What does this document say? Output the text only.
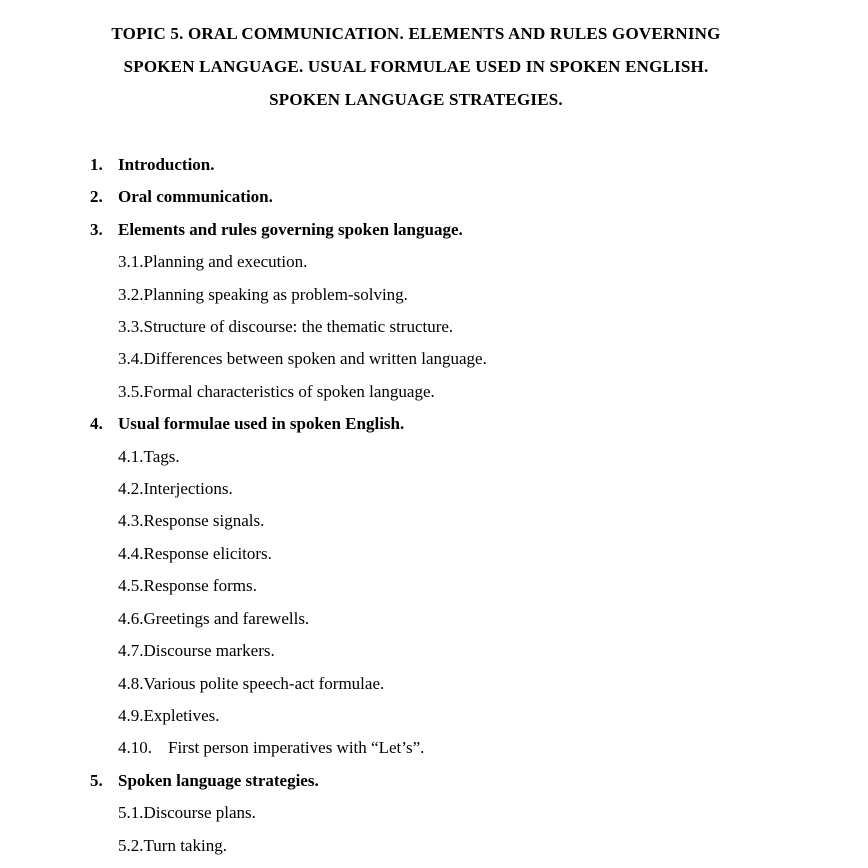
TOPIC 5. ORAL COMMUNICATION. ELEMENTS AND RULES GOVERNING
SPOKEN LANGUAGE. USUAL FORMULAE USED IN SPOKEN ENGLISH.
SPOKEN LANGUAGE STRATEGIES.
1. Introduction.
2. Oral communication.
3. Elements and rules governing spoken language.
3.1.Planning and execution.
3.2.Planning speaking as problem-solving.
3.3.Structure of discourse: the thematic structure.
3.4.Differences between spoken and written language.
3.5.Formal characteristics of spoken language.
4. Usual formulae used in spoken English.
4.1.Tags.
4.2.Interjections.
4.3.Response signals.
4.4.Response elicitors.
4.5.Response forms.
4.6.Greetings and farewells.
4.7.Discourse markers.
4.8.Various polite speech-act formulae.
4.9.Expletives.
4.10. First person imperatives with “Let’s”.
5. Spoken language strategies.
5.1.Discourse plans.
5.2.Turn taking.
